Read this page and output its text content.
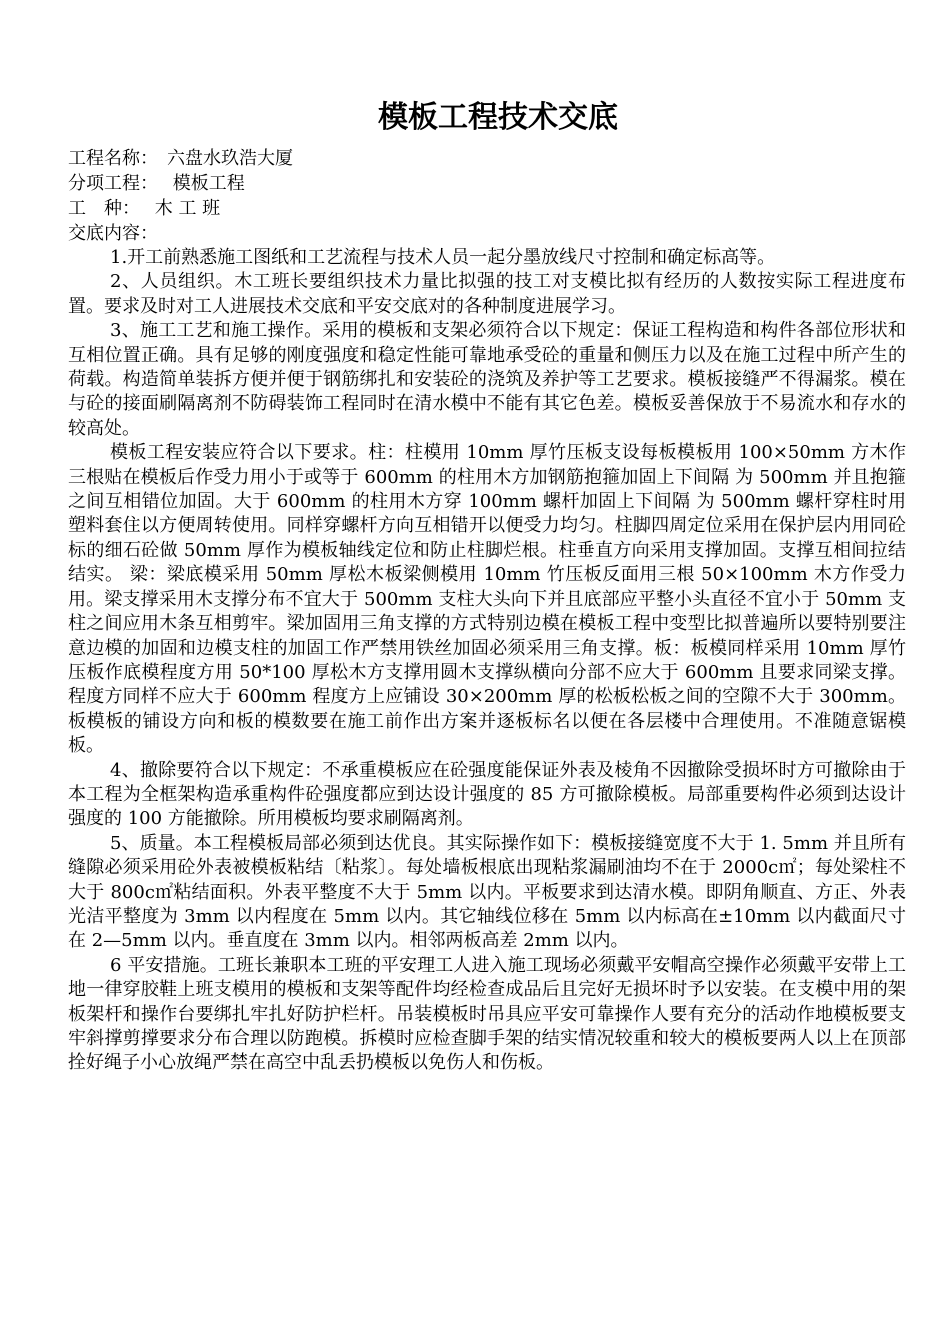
模板工程技术交底

工程名称：　六盘水玖浩大厦

分项工程：　 模板工程

工　种：　 木 工 班

交底内容：

1.开工前熟悉施工图纸和工艺流程与技术人员一起分墨放线尺寸控制和确定标高等。

2、人员组织。木工班长要组织技术力量比拟强的技工对支模比拟有经历的人数按实际工程进度布置。要求及时对工人进展技术交底和平安交底对的各种制度进展学习。

3、施工工艺和施工操作。采用的模板和支架必须符合以下规定：保证工程构造和构件各部位形状和互相位置正确。具有足够的刚度强度和稳定性能可靠地承受砼的重量和侧压力以及在施工过程中所产生的荷载。构造简单装拆方便并便于钢筋绑扎和安装砼的浇筑及养护等工艺要求。模板接缝严不得漏浆。模在与砼的接面刷隔离剂不防碍装饰工程同时在清水模中不能有其它色差。模板妥善保放于不易流水和存水的较高处。

模板工程安装应符合以下要求。柱：柱模用 10mm 厚竹压板支设每板模板用 100×50mm 方木作三根贴在模板后作受力用小于或等于 600mm 的柱用木方加钢筋抱箍加固上下间隔 为 500mm 并且抱箍之间互相错位加固。大于 600mm 的柱用木方穿 100mm 螺杆加固上下间隔 为 500mm 螺杆穿柱时用塑料套住以方便周转使用。同样穿螺杆方向互相错开以便受力均匀。柱脚四周定位采用在保护层内用同砼标的细石砼做 50mm 厚作为模板轴线定位和防止柱脚烂根。柱垂直方向采用支撑加固。支撑互相间拉结结实。 梁：梁底模采用 50mm 厚松木板梁侧模用 10mm 竹压板反面用三根 50×100mm 木方作受力用。梁支撑采用木支撑分布不宜大于 500mm 支柱大头向下并且底部应平整小头直径不宜小于 50mm 支柱之间应用木条互相剪牢。梁加固用三角支撑的方式特别边模在模板工程中变型比拟普遍所以要特别要注意边模的加固和边模支柱的加固工作严禁用铁丝加固必须采用三角支撑。板：板模同样采用 10mm 厚竹压板作底模程度方用 50*100 厚松木方支撑用圆木支撑纵横向分部不应大于 600mm 且要求同梁支撑。程度方同样不应大于 600mm 程度方上应铺设 30×200mm 厚的松板松板之间的空隙不大于 300mm。板模板的铺设方向和板的模数要在施工前作出方案并逐板标名以便在各层楼中合理使用。不准随意锯模板。

4、撤除要符合以下规定：不承重模板应在砼强度能保证外表及棱角不因撤除受损坏时方可撤除由于本工程为全框架构造承重构件砼强度都应到达设计强度的 85 方可撤除模板。局部重要构件必须到达设计强度的 100 方能撤除。所用模板均要求刷隔离剂。

5、质量。本工程模板局部必须到达优良。其实际操作如下：模板接缝宽度不大于 1. 5mm 并且所有缝隙必须采用砼外表被模板粘结〔粘浆〕。每处墙板根底出现粘浆漏刷油均不在于 2000c㎡；每处梁柱不大于 800c㎡粘结面积。外表平整度不大于 5mm 以内。平板要求到达清水模。即阴角顺直、方正、外表光洁平整度为 3mm 以内程度在 5mm 以内。其它轴线位移在 5mm 以内标高在±10mm 以内截面尺寸在 2—5mm 以内。垂直度在 3mm 以内。相邻两板高差 2mm 以内。

6 平安措施。工班长兼职本工班的平安理工人进入施工现场必须戴平安帽高空操作必须戴平安带上工地一律穿胶鞋上班支模用的模板和支架等配件均经检查成品后且完好无损坏时予以安装。在支模中用的架板架杆和操作台要绑扎牢扎好防护栏杆。吊装模板时吊具应平安可靠操作人要有充分的活动作地模板要支牢斜撑剪撑要求分布合理以防跑模。拆模时应检查脚手架的结实情况较重和较大的模板要两人以上在顶部拴好绳子小心放绳严禁在高空中乱丢扔模板以免伤人和伤板。
